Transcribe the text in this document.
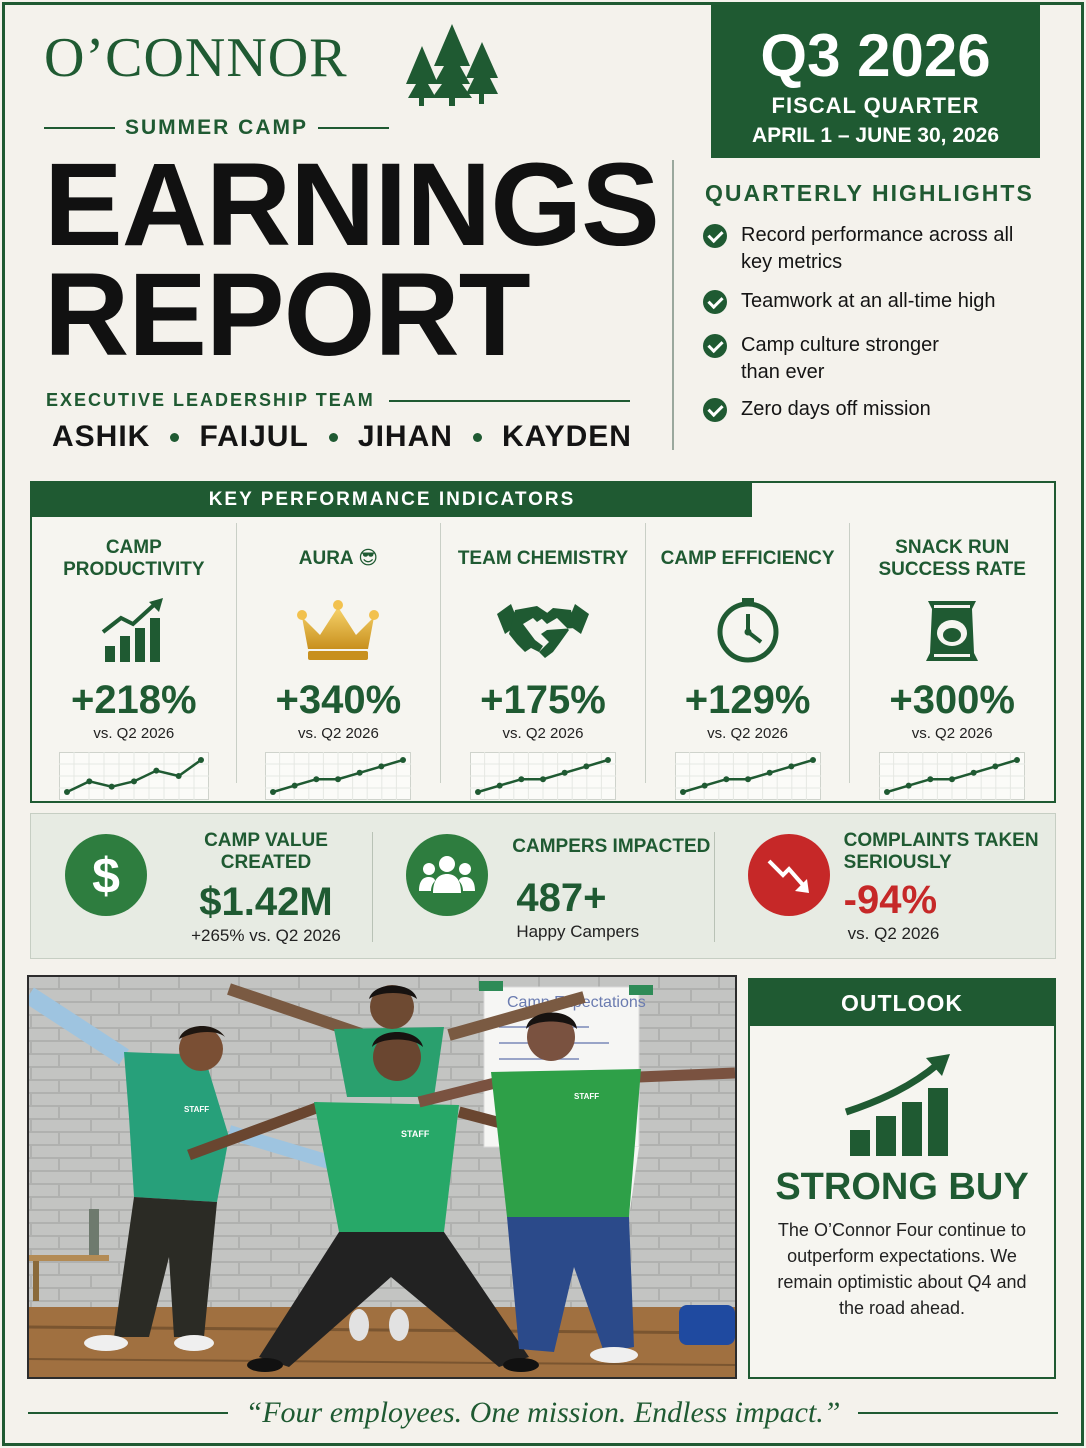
O’CONNOR
SUMMER CAMP
Q3 2026
FISCAL QUARTER
APRIL 1 – JUNE 30, 2026
EARNINGS
REPORT
EXECUTIVE LEADERSHIP TEAM
ASHIK FAIJUL JIHAN KAYDEN
QUARTERLY HIGHLIGHTS
Record performance across all key metrics
Teamwork at an all-time high
Camp culture stronger than ever
Zero days off mission
KEY PERFORMANCE INDICATORS
CAMP PRODUCTIVITY
+218%
vs. Q2 2026
AURA 😎
+340%
vs. Q2 2026
TEAM CHEMISTRY
+175%
vs. Q2 2026
CAMP EFFICIENCY
+129%
vs. Q2 2026
SNACK RUN SUCCESS RATE
+300%
vs. Q2 2026
$
CAMP VALUE CREATED
$1.42M
+265% vs. Q2 2026
CAMPERS IMPACTED
487+
Happy Campers
COMPLAINTS TAKEN SERIOUSLY
-94%
vs. Q2 2026
Camp Expectations
STAFF
STAFF
STAFF
OUTLOOK
STRONG BUY
The O’Connor Four continue to outperform expectations. We remain optimistic about Q4 and the road ahead.
“Four employees. One mission. Endless impact.”
